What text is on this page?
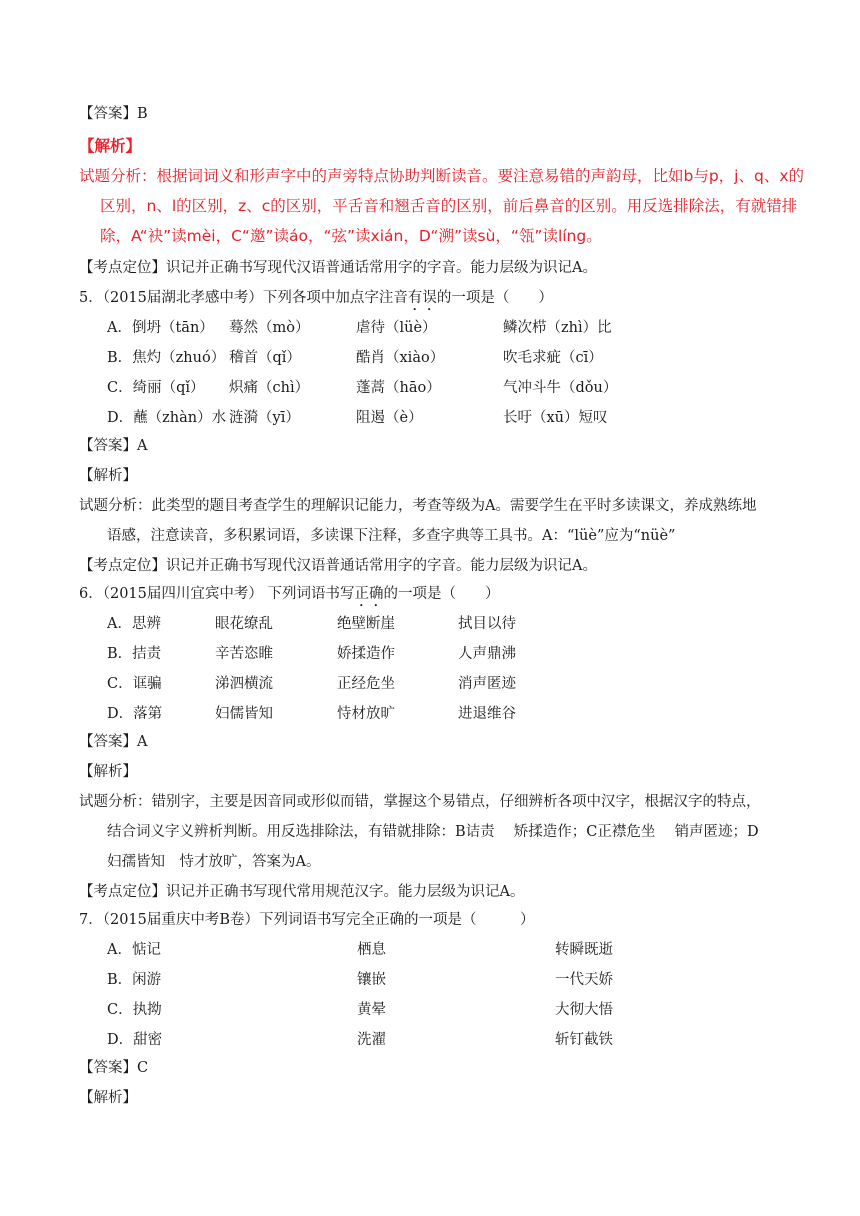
【答案】B
【解析】
试题分析：根据词词义和形声字中的声旁特点协助判断读音。要注意易错的声韵母，比如b与p，j、q、x的
区别，n、l的区别，z、c的区别，平舌音和翘舌音的区别，前后鼻音的区别。用反选排除法，有就错排
除，A“袂”读mèi，C“邀”读áo，“弦”读xián，D“溯”读sù，“瓴”读líng。
【考点定位】识记并正确书写现代汉语普通话常用字的字音。能力层级为识记A。
5．（2015届湖北孝感中考）下列各项中加点字注音有误的一项是（　　）
A．倒坍（tān） 蓦然（mò）	虐待（lüè）	鳞次栉（zhì）比
B．焦灼（zhuó） 稽首（qǐ）	酷肖（xiào）	吹毛求疵（cī）
C．绮丽（qǐ） 炽痛（chì）	蓬蒿（hāo）	气冲斗牛（dǒu）
D．蘸（zhàn）水 涟漪（yī）	阻遏（è）	长吁（xū）短叹
【答案】A
【解析】
试题分析：此类型的题目考查学生的理解识记能力，考查等级为A。需要学生在平时多读课文，养成熟练地
语感，注意读音，多积累词语，多读课下注释，多查字典等工具书。A：“lüè”应为“nüè”
【考点定位】识记并正确书写现代汉语普通话常用字的字音。能力层级为识记A。
6．（2015届四川宜宾中考） 下列词语书写正确的一项是（　　）
A．思辨	眼花缭乱	绝壁断崖	拭目以待
B．拮责	辛苦恣睢	娇揉造作	人声鼎沸
C．诓骗	涕泗横流	正经危坐	消声匿迹
D．落第	妇儒皆知	恃材放旷	进退维谷
【答案】A
【解析】
试题分析：错别字，主要是因音同或形似而错，掌握这个易错点，仔细辨析各项中汉字，根据汉字的特点，
结合词义字义辨析判断。用反选排除法，有错就排除：B诘责　 矫揉造作；C正襟危坐　 销声匿迹；D
妇孺皆知　恃才放旷，答案为A。
【考点定位】识记并正确书写现代常用规范汉字。能力层级为识记A。
7．（2015届重庆中考B卷）下列词语书写完全正确的一项是（　　　）
A．惦记	栖息	转瞬既逝
B．闲游	镶嵌	一代天娇
C．执拗	黄晕	大彻大悟
D．甜密	洗濯	斩钉截铁
【答案】C
【解析】
